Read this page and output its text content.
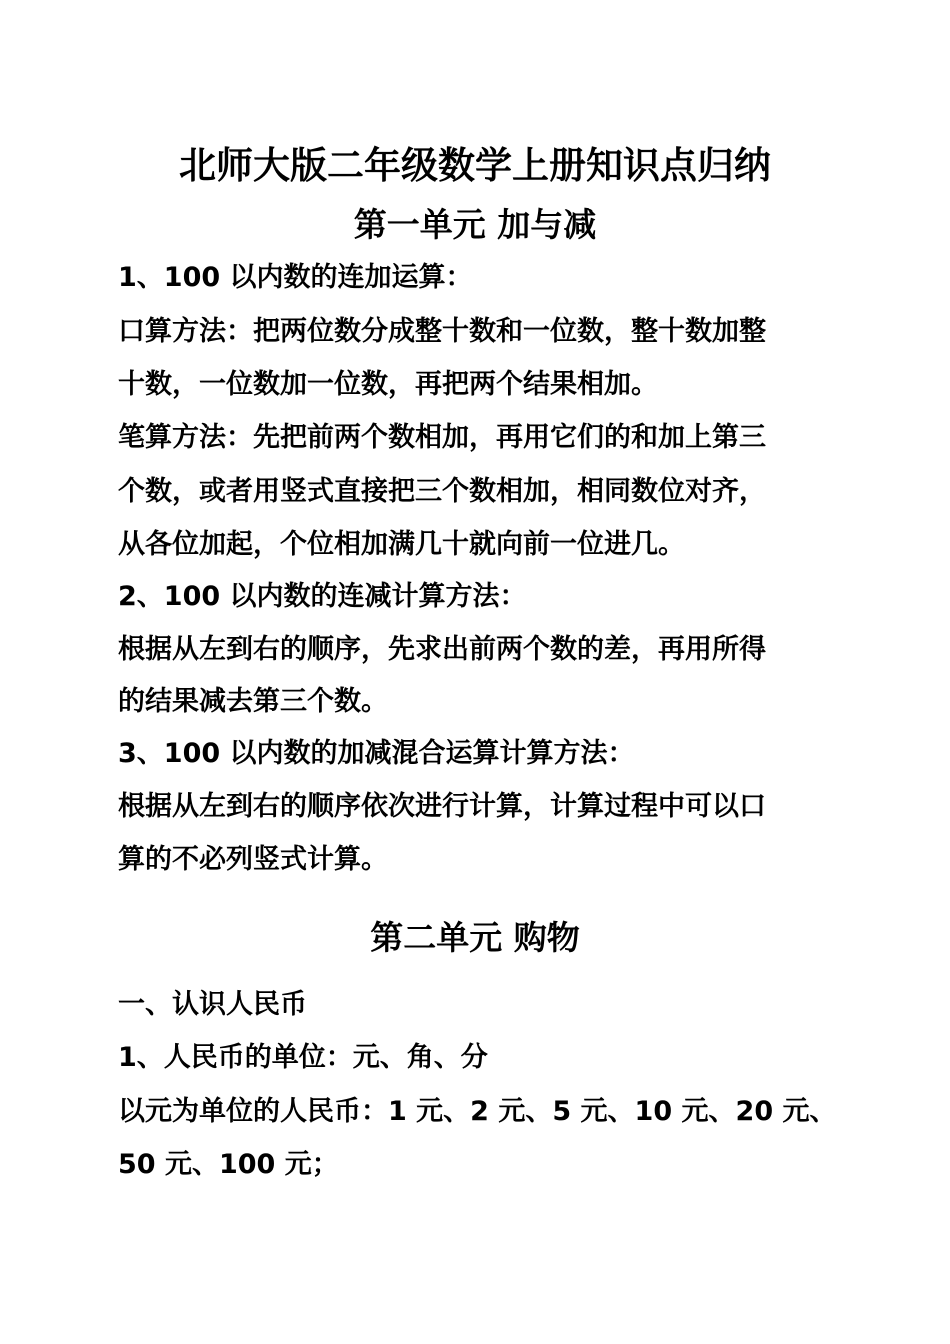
北师大版二年级数学上册知识点归纳
第一单元 加与减
1、100 以内数的连加运算：
口算方法：把两位数分成整十数和一位数，整十数加整
十数，一位数加一位数，再把两个结果相加。
笔算方法：先把前两个数相加，再用它们的和加上第三
个数，或者用竖式直接把三个数相加，相同数位对齐，
从各位加起，个位相加满几十就向前一位进几。
2、100 以内数的连减计算方法：
根据从左到右的顺序，先求出前两个数的差，再用所得
的结果减去第三个数。
3、100 以内数的加减混合运算计算方法：
根据从左到右的顺序依次进行计算，计算过程中可以口
算的不必列竖式计算。
第二单元 购物
一、认识人民币
1、人民币的单位：元、角、分
以元为单位的人民币：1 元、2 元、5 元、10 元、20 元、
50 元、100 元；
